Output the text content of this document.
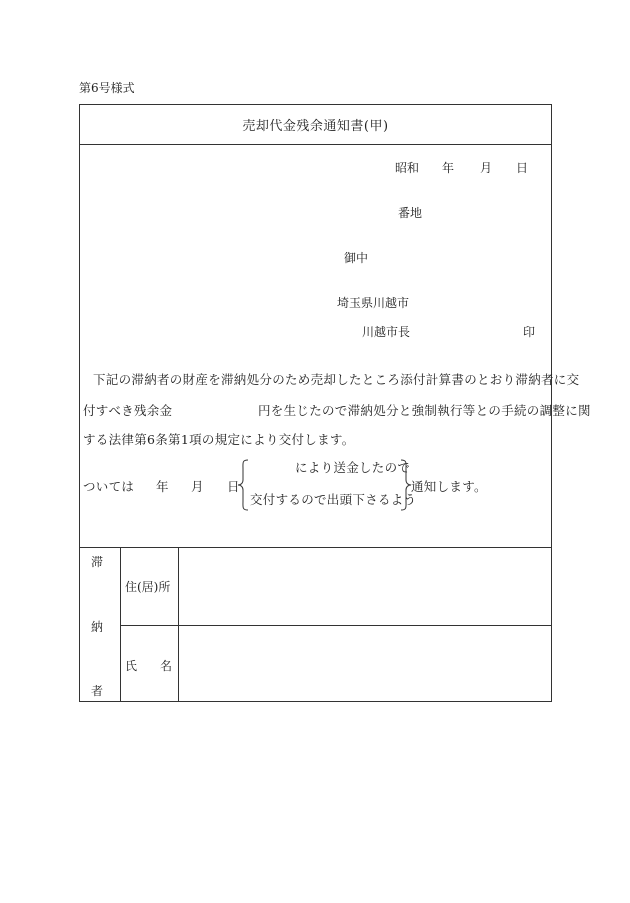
第6号様式
売却代金残余通知書(甲)
昭和 年 月 日
番地
御中
埼玉県川越市
川越市長	印
下記の滞納者の財産を滞納処分のため売却したところ添付計算書のとおり滞納者に交
付すべき残余金	円を生じたので滞納処分と強制執行等との手続の調整に関
する法律第6条第1項の規定により交付します。
ついては 年 月 日
により送金したので
交付するので出頭下さるよう
通知します。
滞
納
者
住(居)所
氏 名
